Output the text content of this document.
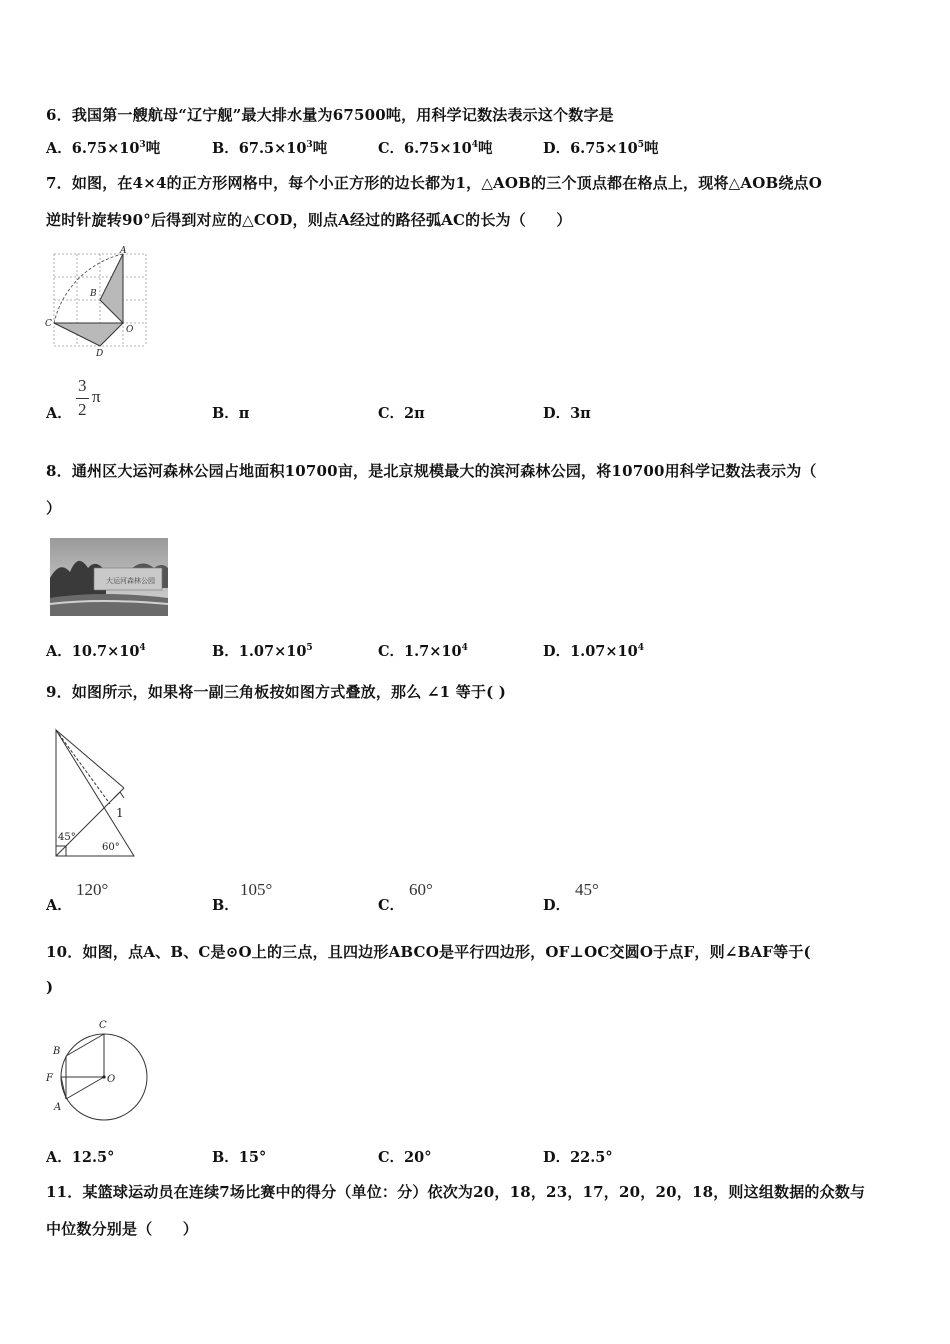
6．我国第一艘航母“辽宁舰”最大排水量为67500吨，用科学记数法表示这个数字是
A．$6.75\times 10^3$吨	B．$67.5\times 10^3$吨	C．$6.75\times 10^4$吨	D．$6.75\times 10^5$吨
7．如图，在4×4的正方形网格中，每个小正方形的边长都为1，△AOB的三个顶点都在格点上，现将△AOB绕点O
逆时针旋转90°后得到对应的△COD，则点A经过的路径弧AC的长为（　　）
A
B
C
D
O
A．
3
2
π
B．π	C．2π	D．3π
8．通州区大运河森林公园占地面积10700亩，是北京规模最大的滨河森林公园，将10700用科学记数法表示为（
）
大运河森林公园
A．$10.7\times 10^4$	B．$1.07\times 10^5$	C．$1.7\times 10^4$	D．$1.07\times 10^4$
9．如图所示，如果将一副三角板按如图方式叠放，那么 ∠1 等于( )
1
45°
60°
A．
120°
B．
105°
C．
60°
D．
45°
10．如图，点A、B、C是⊙O上的三点，且四边形ABCO是平行四边形，OF⊥OC交圆O于点F，则∠BAF等于(
)
C
B
F	O
A
A．12.5°	B．15°	C．20°	D．22.5°
11．某篮球运动员在连续7场比赛中的得分（单位：分）依次为20，18，23，17，20，20，18，则这组数据的众数与
中位数分别是（　　）
